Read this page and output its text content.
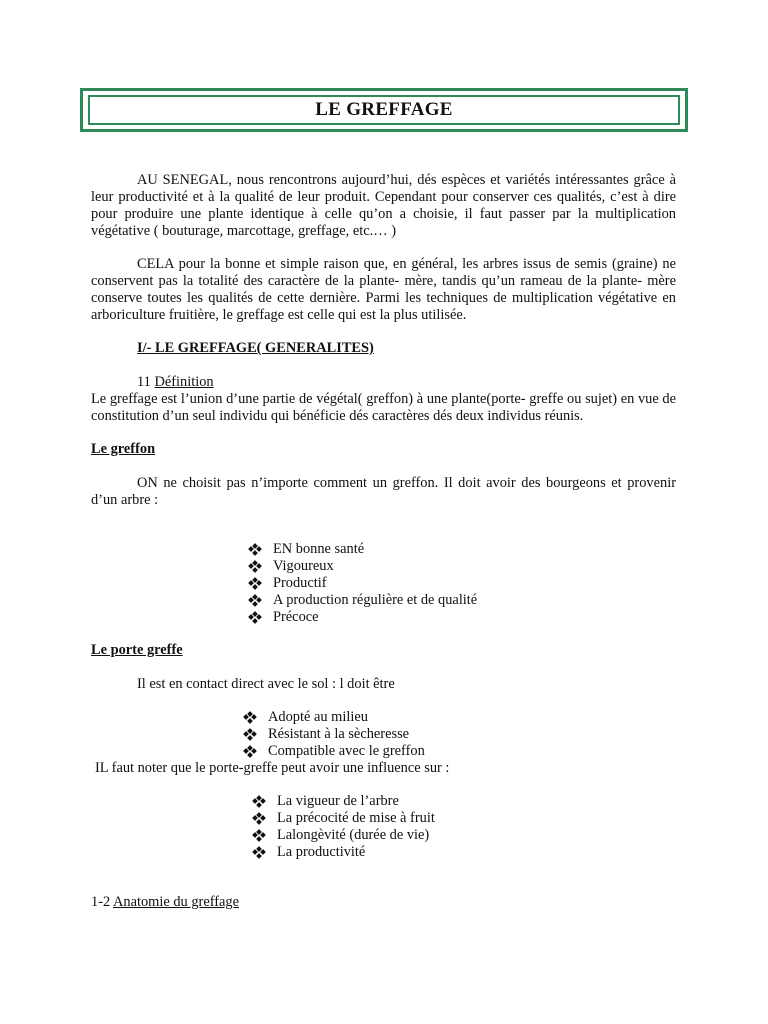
LE GREFFAGE

AU SENEGAL, nous rencontrons aujourd’hui, dés espèces et variétés intéressantes grâce à leur productivité et à la qualité de leur produit. Cependant pour conserver ces qualités, c’est à dire pour produire une plante identique à celle qu’on a choisie, il faut passer par la multiplication végétative ( bouturage, marcottage, greffage, etc.… )

CELA pour la bonne et simple raison que, en général, les arbres issus de semis (graine) ne conservent pas la totalité des caractère de la plante- mère, tandis qu’un rameau de la plante- mère conserve toutes les qualités de cette dernière. Parmi les techniques de multiplication végétative en arboriculture fruitière, le greffage est celle qui est la plus utilisée.

I/- LE GREFFAGE( GENERALITES)

11 Définition

Le greffage est l’union d’une partie de végétal( greffon) à une plante(porte- greffe ou sujet) en vue de constitution d’un seul individu qui bénéficie dés caractères dés deux individus réunis.

Le greffon

ON ne choisit pas n’importe comment un greffon. Il doit avoir des bourgeons et provenir d’un arbre :

EN bonne santé
Vigoureux
Productif
A production régulière et de qualité
Précoce

Le porte greffe

Il est en contact direct avec le sol : l doit être

Adopté au milieu
Résistant à la sècheresse
Compatible avec le greffon

IL faut noter que le porte-greffe peut avoir une influence sur :

La vigueur de l’arbre
La précocité de mise à fruit
Lalongèvité (durée de vie)
La productivité

1-2 Anatomie du greffage
